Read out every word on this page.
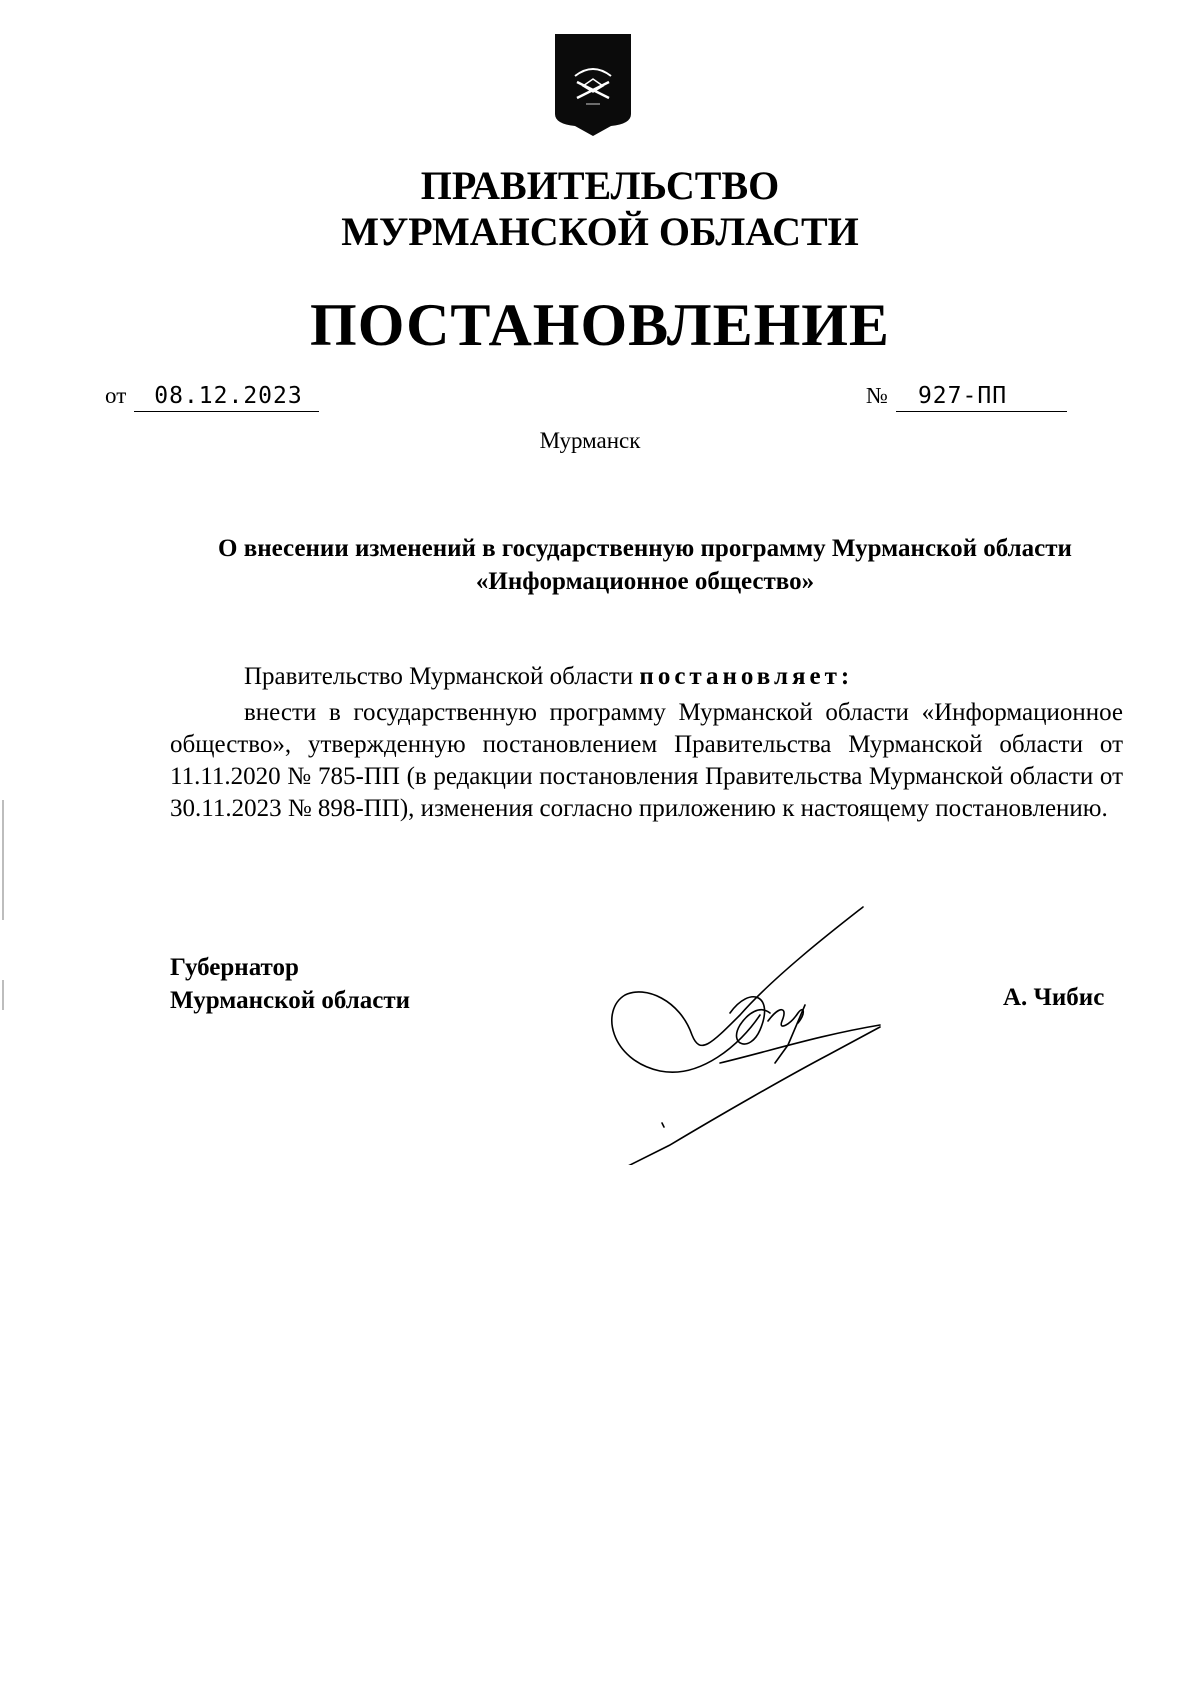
ПРАВИТЕЛЬСТВО
МУРМАНСКОЙ ОБЛАСТИ
ПОСТАНОВЛЕНИЕ
от 08.12.2023	№ 927-ПП
Мурманск
О внесении изменений в государственную программу Мурманской области «Информационное общество»
Правительство Мурманской области постановляет:
внести в государственную программу Мурманской области «Информационное общество», утвержденную постановлением Правительства Мурманской области от 11.11.2020 № 785-ПП (в редакции постановления Правительства Мурманской области от 30.11.2023 № 898-ПП), изменения согласно приложению к настоящему постановлению.
Губернатор
Мурманской области	А. Чибис
